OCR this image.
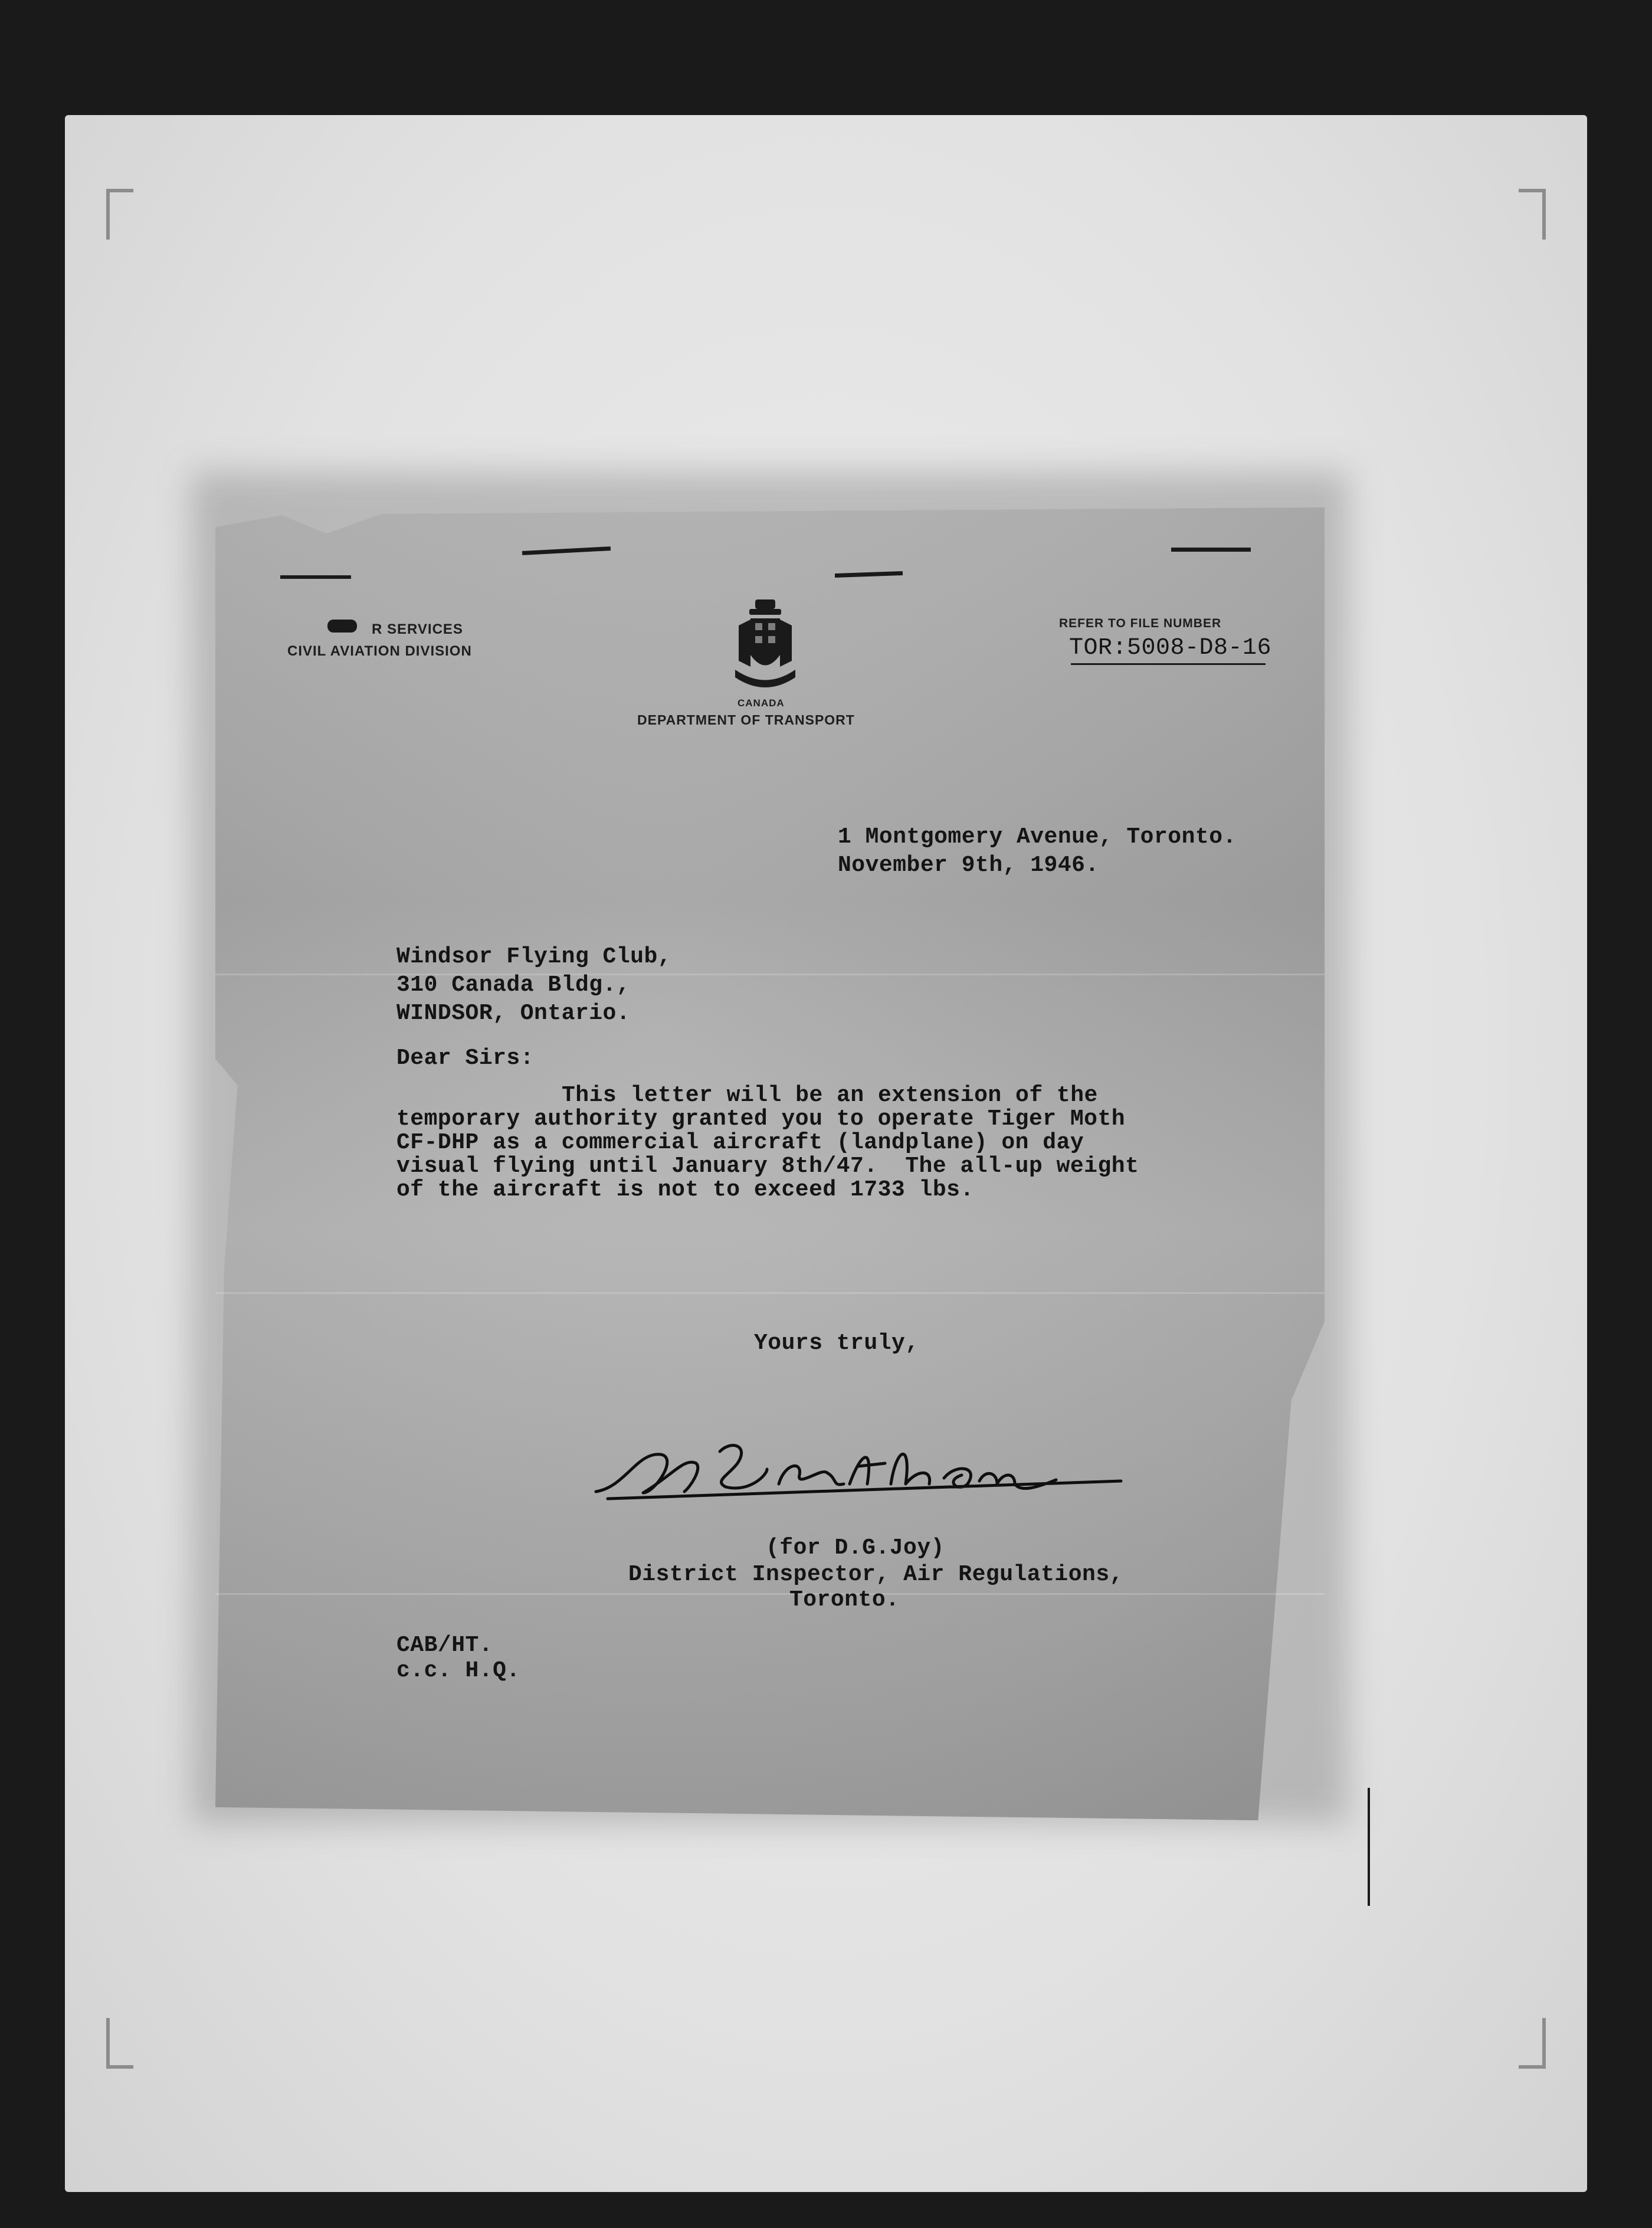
R SERVICES
CIVIL AVIATION DIVISION
CANADA
DEPARTMENT OF TRANSPORT
REFER TO FILE NUMBER
TOR:5008-D8-16
1 Montgomery Avenue, Toronto.
November 9th, 1946.
Windsor Flying Club,
310 Canada Bldg.,
WINDSOR, Ontario.
Dear Sirs:
This letter will be an extension of the
temporary authority granted you to operate Tiger Moth
CF-DHP as a commercial aircraft (landplane) on day
visual flying until January 8th/47.  The all-up weight
of the aircraft is not to exceed 1733 lbs.
Yours truly,
(for D.G.Joy)
District Inspector, Air Regulations,
Toronto.
CAB/HT.
c.c. H.Q.
